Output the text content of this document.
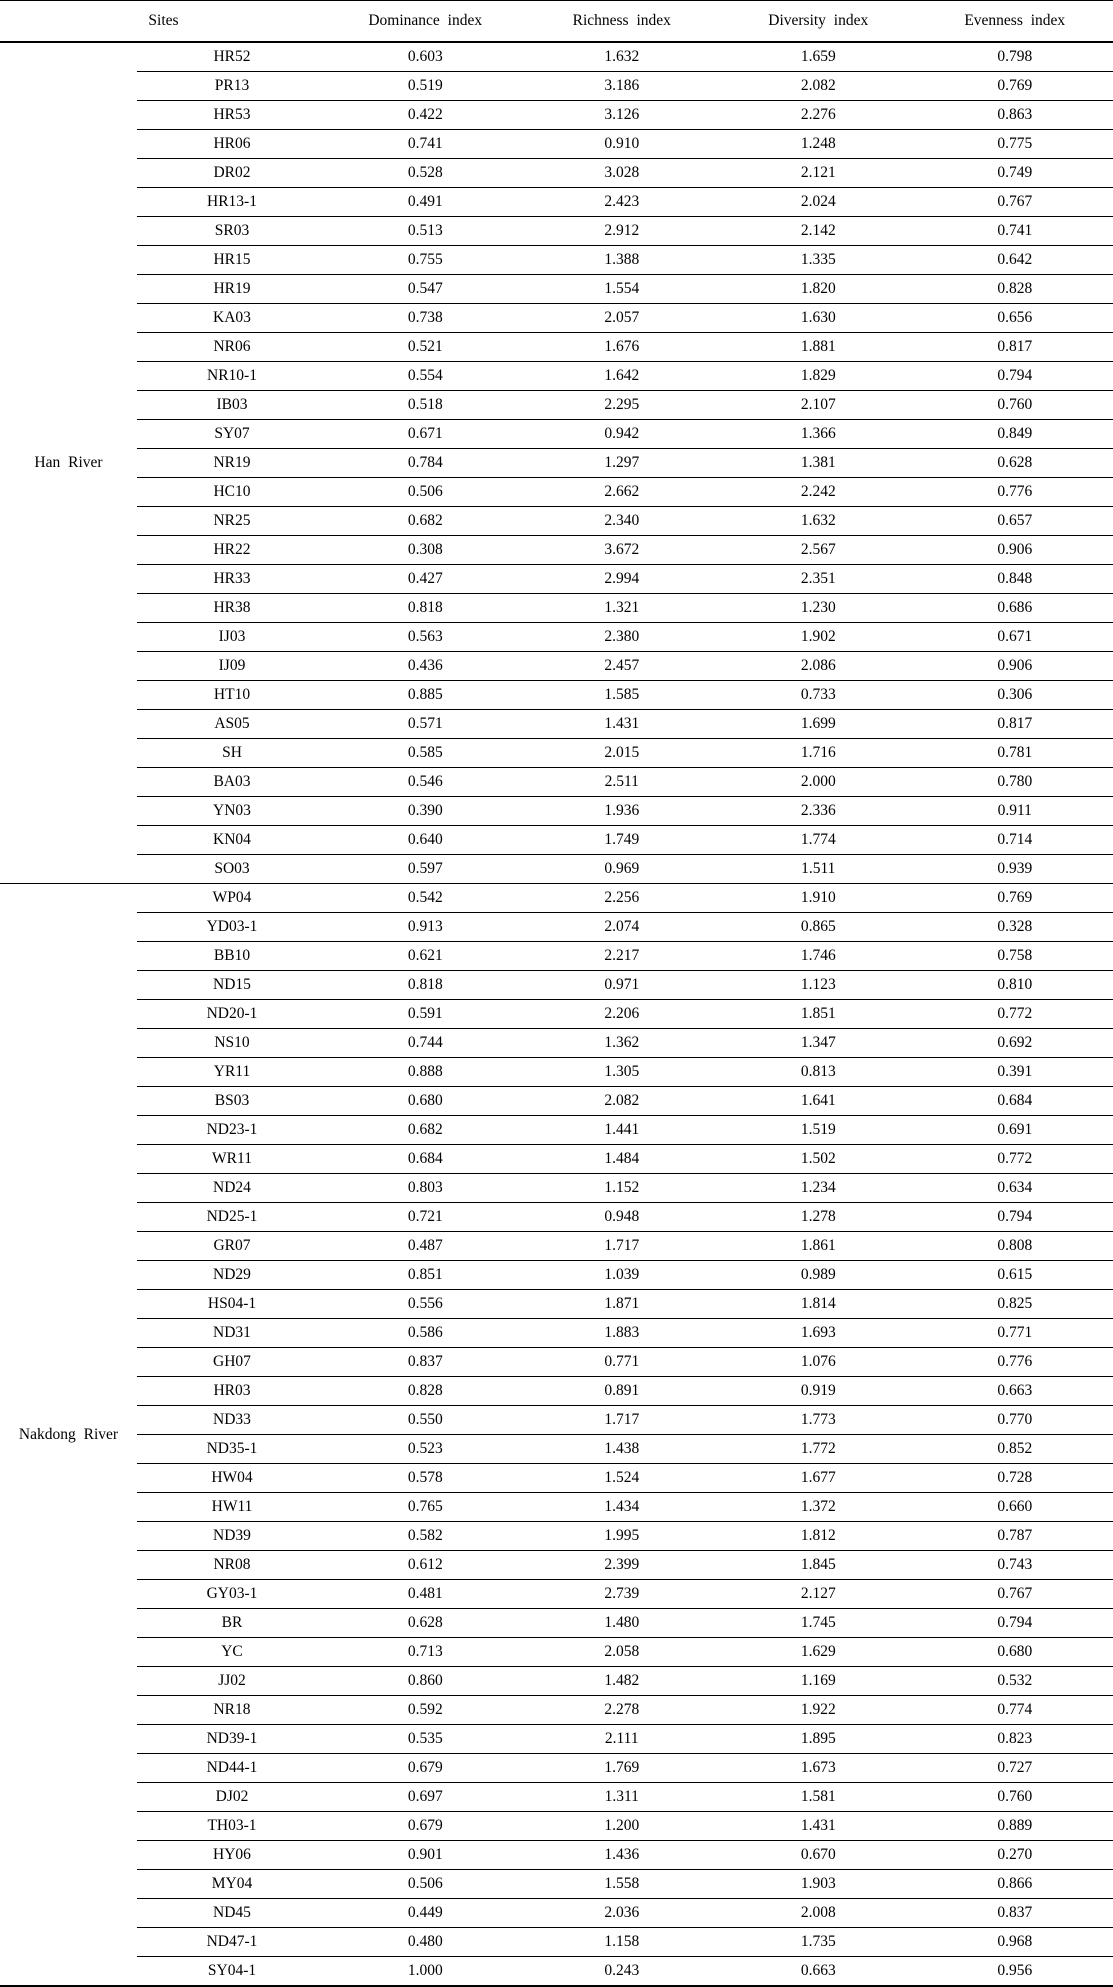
Sites		Dominance index	Richness index	Diversity index	Evenness index
Han River	HR52	0.603	1.632	1.659	0.798
	PR13	0.519	3.186	2.082	0.769
	HR53	0.422	3.126	2.276	0.863
	HR06	0.741	0.910	1.248	0.775
	DR02	0.528	3.028	2.121	0.749
	HR13-1	0.491	2.423	2.024	0.767
	SR03	0.513	2.912	2.142	0.741
	HR15	0.755	1.388	1.335	0.642
	HR19	0.547	1.554	1.820	0.828
	KA03	0.738	2.057	1.630	0.656
	NR06	0.521	1.676	1.881	0.817
	NR10-1	0.554	1.642	1.829	0.794
	IB03	0.518	2.295	2.107	0.760
	SY07	0.671	0.942	1.366	0.849
	NR19	0.784	1.297	1.381	0.628
	HC10	0.506	2.662	2.242	0.776
	NR25	0.682	2.340	1.632	0.657
	HR22	0.308	3.672	2.567	0.906
	HR33	0.427	2.994	2.351	0.848
	HR38	0.818	1.321	1.230	0.686
	IJ03	0.563	2.380	1.902	0.671
	IJ09	0.436	2.457	2.086	0.906
	HT10	0.885	1.585	0.733	0.306
	AS05	0.571	1.431	1.699	0.817
	SH	0.585	2.015	1.716	0.781
	BA03	0.546	2.511	2.000	0.780
	YN03	0.390	1.936	2.336	0.911
	KN04	0.640	1.749	1.774	0.714
	SO03	0.597	0.969	1.511	0.939
Nakdong River	WP04	0.542	2.256	1.910	0.769
	YD03-1	0.913	2.074	0.865	0.328
	BB10	0.621	2.217	1.746	0.758
	ND15	0.818	0.971	1.123	0.810
	ND20-1	0.591	2.206	1.851	0.772
	NS10	0.744	1.362	1.347	0.692
	YR11	0.888	1.305	0.813	0.391
	BS03	0.680	2.082	1.641	0.684
	ND23-1	0.682	1.441	1.519	0.691
	WR11	0.684	1.484	1.502	0.772
	ND24	0.803	1.152	1.234	0.634
	ND25-1	0.721	0.948	1.278	0.794
	GR07	0.487	1.717	1.861	0.808
	ND29	0.851	1.039	0.989	0.615
	HS04-1	0.556	1.871	1.814	0.825
	ND31	0.586	1.883	1.693	0.771
	GH07	0.837	0.771	1.076	0.776
	HR03	0.828	0.891	0.919	0.663
	ND33	0.550	1.717	1.773	0.770
	ND35-1	0.523	1.438	1.772	0.852
	HW04	0.578	1.524	1.677	0.728
	HW11	0.765	1.434	1.372	0.660
	ND39	0.582	1.995	1.812	0.787
	NR08	0.612	2.399	1.845	0.743
	GY03-1	0.481	2.739	2.127	0.767
	BR	0.628	1.480	1.745	0.794
	YC	0.713	2.058	1.629	0.680
	JJ02	0.860	1.482	1.169	0.532
	NR18	0.592	2.278	1.922	0.774
	ND39-1	0.535	2.111	1.895	0.823
	ND44-1	0.679	1.769	1.673	0.727
	DJ02	0.697	1.311	1.581	0.760
	TH03-1	0.679	1.200	1.431	0.889
	HY06	0.901	1.436	0.670	0.270
	MY04	0.506	1.558	1.903	0.866
	ND45	0.449	2.036	2.008	0.837
	ND47-1	0.480	1.158	1.735	0.968
	SY04-1	1.000	0.243	0.663	0.956
